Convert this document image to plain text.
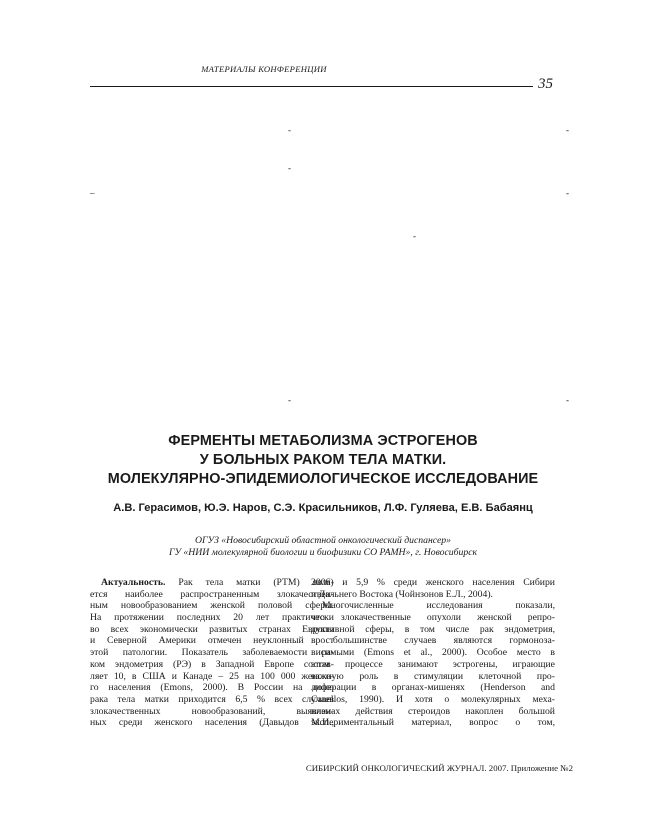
МАТЕРИАЛЫ КОНФЕРЕНЦИИ
35
-	-
-
–	-
-
-	-
ФЕРМЕНТЫ МЕТАБОЛИЗМА ЭСТРОГЕНОВ
У БОЛЬНЫХ РАКОМ ТЕЛА МАТКИ.
МОЛЕКУЛЯРНО-ЭПИДЕМИОЛОГИЧЕСКОЕ ИССЛЕДОВАНИЕ
А.В. Герасимов, Ю.Э. Наров, С.Э. Красильников, Л.Ф. Гуляева, Е.В. Бабаянц
ОГУЗ «Новосибирский областной онкологический диспансер»
ГУ «НИИ молекулярной биологии и биофизики СО РАМН», г. Новосибирск
Актуальность. Рак тела матки (РТМ) явля-
ется наиболее распространенным злокачествен-
ным новообразованием женской половой сферы.
На протяжении последних 20 лет практически
во всех экономически развитых странах Европы
и Северной Америки отмечен неуклонный рост
этой патологии. Показатель заболеваемости ра-
ком эндометрия (РЭ) в Западной Европе состав-
ляет 10, в США и Канаде – 25 на 100 000 женско-
го населения (Emons, 2000). В России на долю
рака тела матки приходится 6,5 % всех случаев
злокачественных новообразований, выявлен-
ных среди женского населения (Давыдов М.И.,
2006) и 5,9 % среди женского населения Сибири
и Дальнего Востока (Чойнзонов Е.Л., 2004).
Многочисленные исследования показали,
что злокачественные опухоли женской репро-
дуктивной сферы, в том числе рак эндометрия,
в большинстве случаев являются гормоноза-
висимыми (Emons et al., 2000). Особое место в
этом процессе занимают эстрогены, играющие
важную роль в стимуляции клеточной про-
лиферации в органах-мишенях (Henderson and
Canellos, 1990). И хотя о молекулярных меха-
низмах действия стероидов накоплен большой
экспериментальный материал, вопрос о том,
СИБИРСКИЙ ОНКОЛОГИЧЕСКИЙ ЖУРНАЛ. 2007. Приложение №2
